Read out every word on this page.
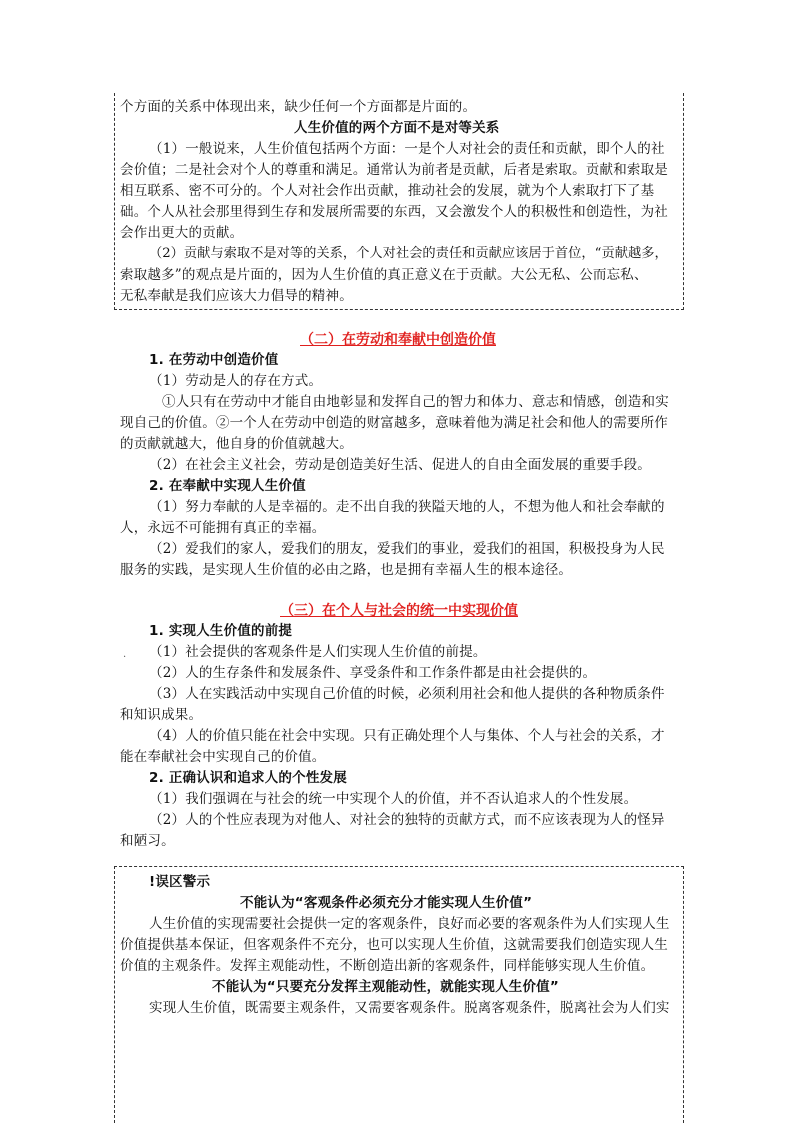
个方面的关系中体现出来，缺少任何一个方面都是片面的。
人生价值的两个方面不是对等关系
（1）一般说来，人生价值包括两个方面：一是个人对社会的责任和贡献，即个人的社
会价值；二是社会对个人的尊重和满足。通常认为前者是贡献，后者是索取。贡献和索取是
相互联系、密不可分的。个人对社会作出贡献，推动社会的发展，就为个人索取打下了基
础。个人从社会那里得到生存和发展所需要的东西，又会激发个人的积极性和创造性，为社
会作出更大的贡献。
（2）贡献与索取不是对等的关系，个人对社会的责任和贡献应该居于首位，“贡献越多，
索取越多”的观点是片面的，因为人生价值的真正意义在于贡献。大公无私、公而忘私、
无私奉献是我们应该大力倡导的精神。
（二）在劳动和奉献中创造价值
1. 在劳动中创造价值
（1）劳动是人的存在方式。
①人只有在劳动中才能自由地彰显和发挥自己的智力和体力、意志和情感，创造和实
现自己的价值。②一个人在劳动中创造的财富越多，意味着他为满足社会和他人的需要所作
的贡献就越大，他自身的价值就越大。
（2）在社会主义社会，劳动是创造美好生活、促进人的自由全面发展的重要手段。
2. 在奉献中实现人生价值
（1）努力奉献的人是幸福的。走不出自我的狭隘天地的人，不想为他人和社会奉献的
人，永远不可能拥有真正的幸福。
（2）爱我们的家人，爱我们的朋友，爱我们的事业，爱我们的祖国，积极投身为人民
服务的实践，是实现人生价值的必由之路，也是拥有幸福人生的根本途径。
（三）在个人与社会的统一中实现价值
1. 实现人生价值的前提
. （1）社会提供的客观条件是人们实现人生价值的前提。
（2）人的生存条件和发展条件、享受条件和工作条件都是由社会提供的。
（3）人在实践活动中实现自己价值的时候，必须利用社会和他人提供的各种物质条件
和知识成果。
（4）人的价值只能在社会中实现。只有正确处理个人与集体、个人与社会的关系，才
能在奉献社会中实现自己的价值。
2. 正确认识和追求人的个性发展
（1）我们强调在与社会的统一中实现个人的价值，并不否认追求人的个性发展。
（2）人的个性应表现为对他人、对社会的独特的贡献方式，而不应该表现为人的怪异
和陋习。
!误区警示
不能认为“客观条件必须充分才能实现人生价值”
人生价值的实现需要社会提供一定的客观条件，良好而必要的客观条件为人们实现人生
价值提供基本保证，但客观条件不充分，也可以实现人生价值，这就需要我们创造实现人生
价值的主观条件。发挥主观能动性，不断创造出新的客观条件，同样能够实现人生价值。
不能认为“只要充分发挥主观能动性，就能实现人生价值”
实现人生价值，既需要主观条件，又需要客观条件。脱离客观条件，脱离社会为人们实
